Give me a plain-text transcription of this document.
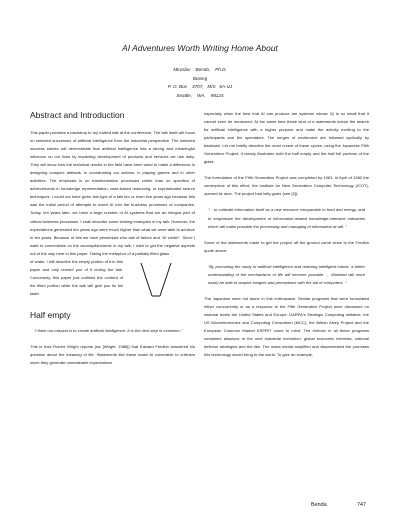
AI Adventures Worth Writing Home About
Miroslav    Benda,    Ph.D.
Boeing
P. O. Box    3707,   M/S   6A-UJ
Seattle,    WA.    98124
Abstract and Introduction

This paper provides a backdrop to my invited talk at the conference. The talk itself will focus on selected successes of artificial intelligence from the industrial perspective. The selected success stories will demonstrate that artificial intelligence has a strong and meaningful influence on our lives by impacting development of products and services we use daily. They will show how the technical results in the field have been used to make a difference in designing complex artifacts, in coordinating our actions, in playing games and in other activities. The emphasis is on transformation processes rather than on specifics of achievements in knowledge representation, case-based reasoning, or sophisticated search techniques. I could not have given this type of a talk ten or even five years ago because this was the initial period of attempts to insert AI into the business processes of companies. Today, ten years later, we have a large number of AI systems that are an integral part of critical business processes. I shall describe some shining examples in my talk. However, the expectations generated ten years ago were much higher than what we were able to achieve in ten years. Because of this we have pessimists who talk of failure and "AI winter". Since I want to concentrate on the accomplishments in my talk, I wish to get the negative aspects out of the way here in this paper. Taking the metaphor of a partially filled glass

of water, I will describe the empty portion of it in this paper and only remind you of it during the talk. Conversely, this paper just outlines the content of the filled portion while the talk will give you its full taste.

Half empty

"I think our mission is to create artificial intelligence. It is the next step in evolution."

This is how Robert Wright reports (sic [Wright, 1988]) that Edward Fredkin answered his question about the meaning of life. Statements like these make AI vulnerable to criticism since they generate unrealizable expectations

especially when the best that AI can produce are systems whose IQ is so small that it cannot even be measured. At the same time these kind of a statements imbue the search for artificial intelligence with a higher purpose and make the activity exciting to the participants and the spectators. The surges of excitement are followed cyclically by backlash. Let me briefly describe the most recent of these cycles, using the Japanese Fifth Generation Project; it clearly illustrates both the half empty and the half full portions of the glass.

The formulation of the Fifth Generation Project was completed by 1981; in April of 1982 the centerpiece of this effort, the Institute for New Generation Computer Technology (ICOT), opened its door. The project had lofty goals (see [2]):

"... to cultivate information itself as a new resource comparable to food and energy, and to emphasize the development of information-related knowledge-intensive industries which will make possible the processing and managing of information at will. "

Some of the statements made to get the project off the ground come close to the Fredkin quote above:

"By promoting the study of artificial intelligence and realizing intelligent robots, a better understanding of the mechanisms of life will become possible. ... Mankind will more easily be able to acquire insights and perceptions with the aid of computers. "

The Japanese were not alone in this enthusiasm. Similar programs that were formulated either concurrently or as a response to the Fifth Generation Project were discussed on national levels the United States and Europe: DARPA's Strategic Computing Initiative, the US Microelectronics and Computing Consortium (MCC), the British Alvey Project and the European Common Market ESPRIT come to mind. The rhetoric in all these programs contained allusions to the next industrial revolution, global economic interests, national defense strategies and the like. The mass media amplified and disseminated the promises this technology would bring to the world. To give an example,

Benda	747
